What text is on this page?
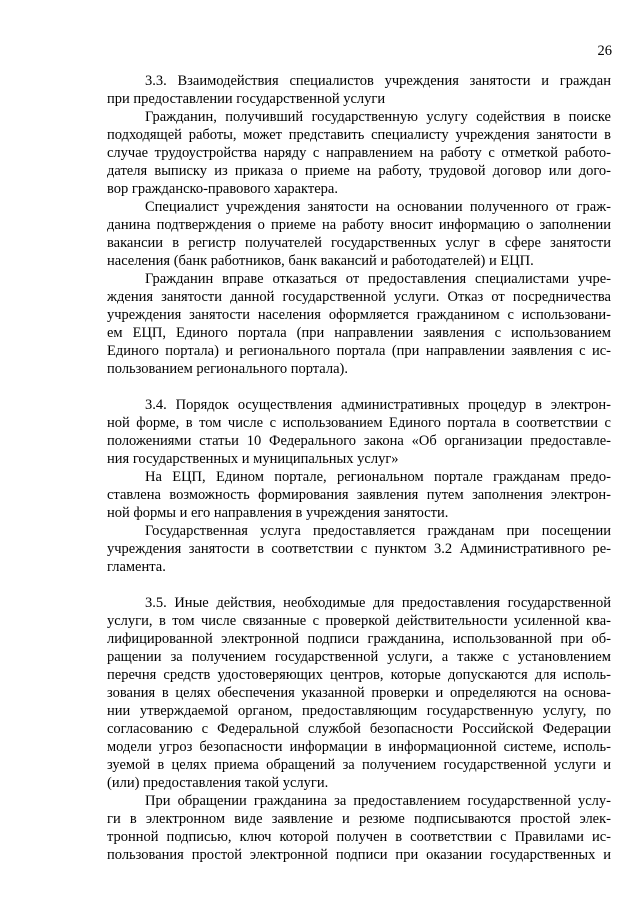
26
3.3. Взаимодействия специалистов учреждения занятости и граждан
при предоставлении государственной услуги
Гражданин, получивший государственную услугу содействия в поиске
подходящей работы, может представить специалисту учреждения занятости в
случае трудоустройства наряду с направлением на работу с отметкой работо-
дателя выписку из приказа о приеме на работу, трудовой договор или дого-
вор гражданско-правового характера.
Специалист учреждения занятости на основании полученного от граж-
данина подтверждения о приеме на работу вносит информацию о заполнении
вакансии в регистр получателей государственных услуг в сфере занятости
населения (банк работников, банк вакансий и работодателей) и ЕЦП.
Гражданин вправе отказаться от предоставления специалистами учре-
ждения занятости данной государственной услуги. Отказ от посредничества
учреждения занятости населения оформляется гражданином с использовани-
ем ЕЦП, Единого портала (при направлении заявления с использованием
Единого портала) и регионального портала (при направлении заявления с ис-
пользованием регионального портала).
3.4. Порядок осуществления административных процедур в электрон-
ной форме, в том числе с использованием Единого портала в соответствии с
положениями статьи 10 Федерального закона «Об организации предоставле-
ния государственных и муниципальных услуг»
На ЕЦП, Едином портале, региональном портале гражданам предо-
ставлена возможность формирования заявления путем заполнения электрон-
ной формы и его направления в учреждения занятости.
Государственная услуга предоставляется гражданам при посещении
учреждения занятости в соответствии с пунктом 3.2 Административного ре-
гламента.
3.5. Иные действия, необходимые для предоставления государственной
услуги, в том числе связанные с проверкой действительности усиленной ква-
лифицированной электронной подписи гражданина, использованной при об-
ращении за получением государственной услуги, а также с установлением
перечня средств удостоверяющих центров, которые допускаются для исполь-
зования в целях обеспечения указанной проверки и определяются на основа-
нии утверждаемой органом, предоставляющим государственную услугу, по
согласованию с Федеральной службой безопасности Российской Федерации
модели угроз безопасности информации в информационной системе, исполь-
зуемой в целях приема обращений за получением государственной услуги и
(или) предоставления такой услуги.
При обращении гражданина за предоставлением государственной услу-
ги в электронном виде заявление и резюме подписываются простой элек-
тронной подписью, ключ которой получен в соответствии с Правилами ис-
пользования простой электронной подписи при оказании государственных и
